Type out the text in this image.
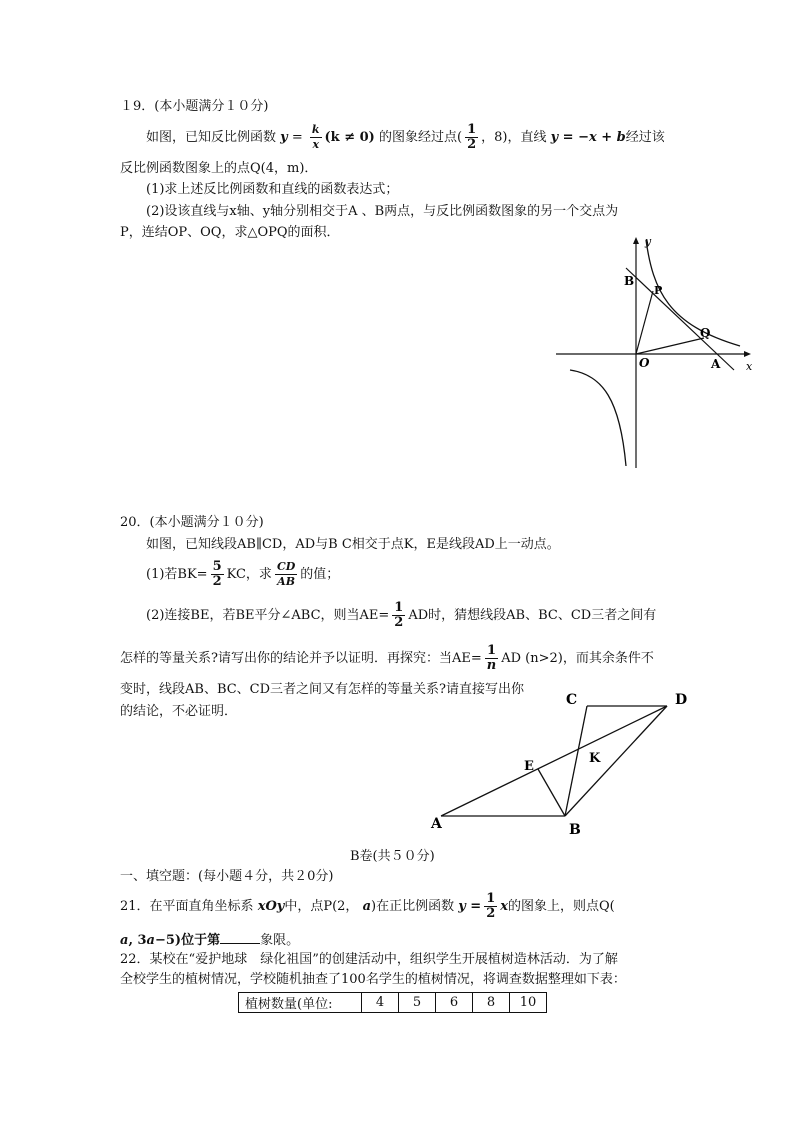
１9．(本小题满分１０分)
如图，已知反比例函数 $y = \frac{k}{x} (k \ne 0)$ 的图象经过点( $\frac{1}{2}$ ，8)，直线 y = −x + b经过该
反比例函数图象上的点Q(4，m)．
(1)求上述反比例函数和直线的函数表达式；
(2)设该直线与x轴、y轴分别相交于A 、B两点，与反比例函数图象的另一个交点为
P，连结OP、OQ，求△OPQ的面积．
y
x
B
P
Q
O	A
20．(本小题满分１０分)
如图，已知线段AB∥CD，AD与B C相交于点K，E是线段AD上一动点。
(1)若$BK= \frac{5}{2}$ KC，求 $\frac{CD}{AB}$ 的值；
(2)连接BE，若BE平分∠ABC，则当$AE= \frac{1}{2}$ AD时，猜想线段AB、BC、CD三者之间有
怎样的等量关系?请写出你的结论并予以证明．再探究：当$AE= \frac{1}{n}$ AD (n>2)，而其余条件不
变时，线段AB、BC、CD三者之间又有怎样的等量关系?请直接写出你
的结论，不必证明．
C	D
K
E
A	B
B卷(共５０分)
一、填空题：(每小题４分，共２0分)
21．在平面直角坐标系 xOy中，点P(2， a)在正比例函数 $y = \frac{1}{2}$ x的图象上，则点Q(
a, 3a−5)位于第	象限。
22．某校在“爱护地球　绿化祖国”的创建活动中，组织学生开展植树造林活动．为了解
全校学生的植树情况，学校随机抽查了100名学生的植树情况，将调查数据整理如下表：
植树数量(单位:	4	5	6	8	10
